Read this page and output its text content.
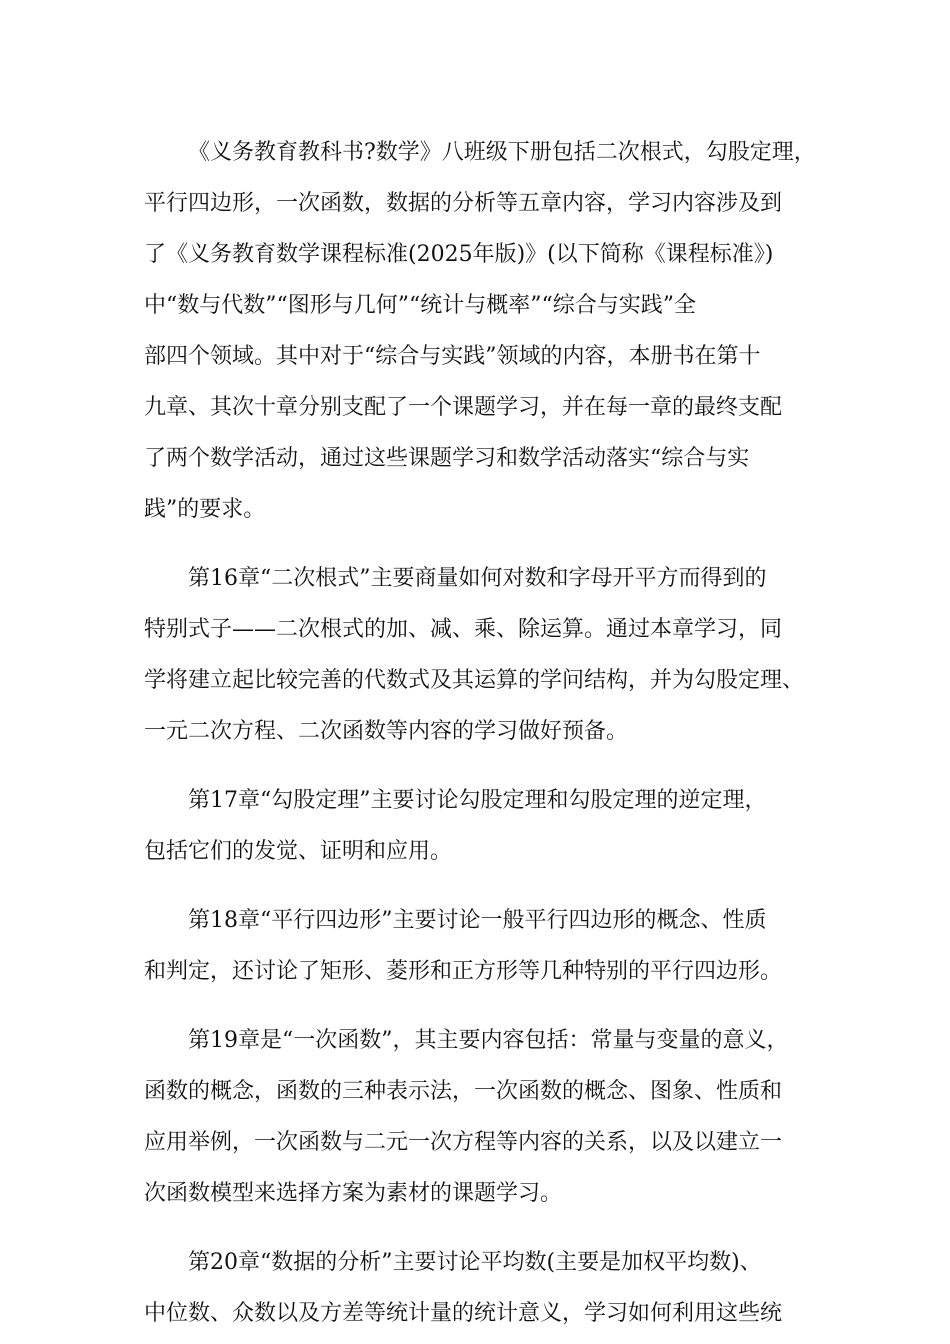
《义务教育教科书?数学》八班级下册包括二次根式，勾股定理，
平行四边形，一次函数，数据的分析等五章内容，学习内容涉及到
了《义务教育数学课程标准(2025年版)》(以下简称《课程标准》)
中“数与代数”“图形与几何”“统计与概率”“综合与实践”全
部四个领域。其中对于“综合与实践”领域的内容，本册书在第十
九章、其次十章分别支配了一个课题学习，并在每一章的最终支配
了两个数学活动，通过这些课题学习和数学活动落实“综合与实
践”的要求。
第16章“二次根式”主要商量如何对数和字母开平方而得到的
特别式子——二次根式的加、减、乘、除运算。通过本章学习，同
学将建立起比较完善的代数式及其运算的学问结构，并为勾股定理、
一元二次方程、二次函数等内容的学习做好预备。
第17章“勾股定理”主要讨论勾股定理和勾股定理的逆定理，
包括它们的发觉、证明和应用。
第18章“平行四边形”主要讨论一般平行四边形的概念、性质
和判定，还讨论了矩形、菱形和正方形等几种特别的平行四边形。
第19章是“一次函数”，其主要内容包括：常量与变量的意义，
函数的概念，函数的三种表示法，一次函数的概念、图象、性质和
应用举例，一次函数与二元一次方程等内容的关系，以及以建立一
次函数模型来选择方案为素材的课题学习。
第20章“数据的分析”主要讨论平均数(主要是加权平均数)、
中位数、众数以及方差等统计量的统计意义，学习如何利用这些统
